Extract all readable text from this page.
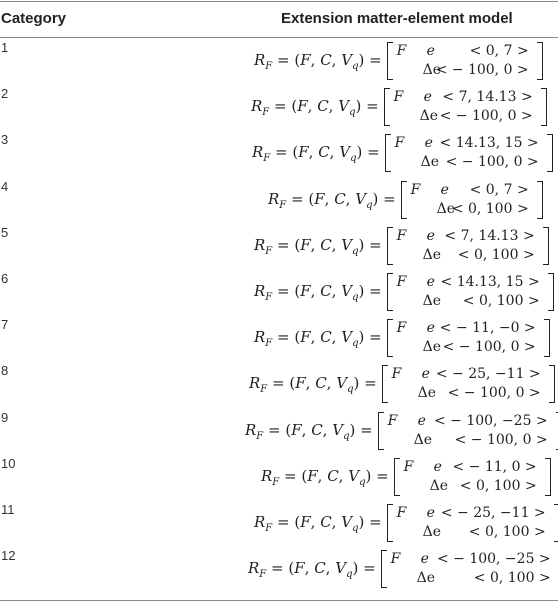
Category	Extension matter-element model
1
$R_F = (F$, C, $V_q) = F$ e < 0, 7 >
Δe
< − 100, 0 >
2
$R_F = (F$, C, $V_q) = F$ e < 7, 14.13 >
Δe < − 100, 0 >
3
$R_F = (F$, C, $V_q) = F$ e < 14.13, 15 >
Δe < − 100, 0 >
4
$R_F = (F$, C, $V_q) = F$ e < 0, 7 >
Δe
< 0, 100 >
5
$R_F = (F$, C, $V_q) = F$ e < 7, 14.13 >
Δe < 0, 100 >
6
$R_F = (F$, C, $V_q) = F$ e < 14.13, 15 >
Δe < 0, 100 >
7
$R_F = (F$, C, $V_q) = F$ e < − 11, −0 >
Δe < − 100, 0 >
8
$R_F = (F$, C, $V_q) = F$ e < − 25, −11 >
Δe < − 100, 0 >
9
$R_F = (F$, C, $V_q) = F$ e < − 100, −25 >
Δe < − 100, 0 >
10
$R_F = (F$, C, $V_q) = F$ e < − 11, 0 >
Δe < 0, 100 >
11
$R_F = (F$, C, $V_q) = F$ e < − 25, −11 >
Δe < 0, 100 >
12
$R_F = (F$, C, $V_q) = F$ e < − 100, −25 >
Δe	< 0, 100 >
